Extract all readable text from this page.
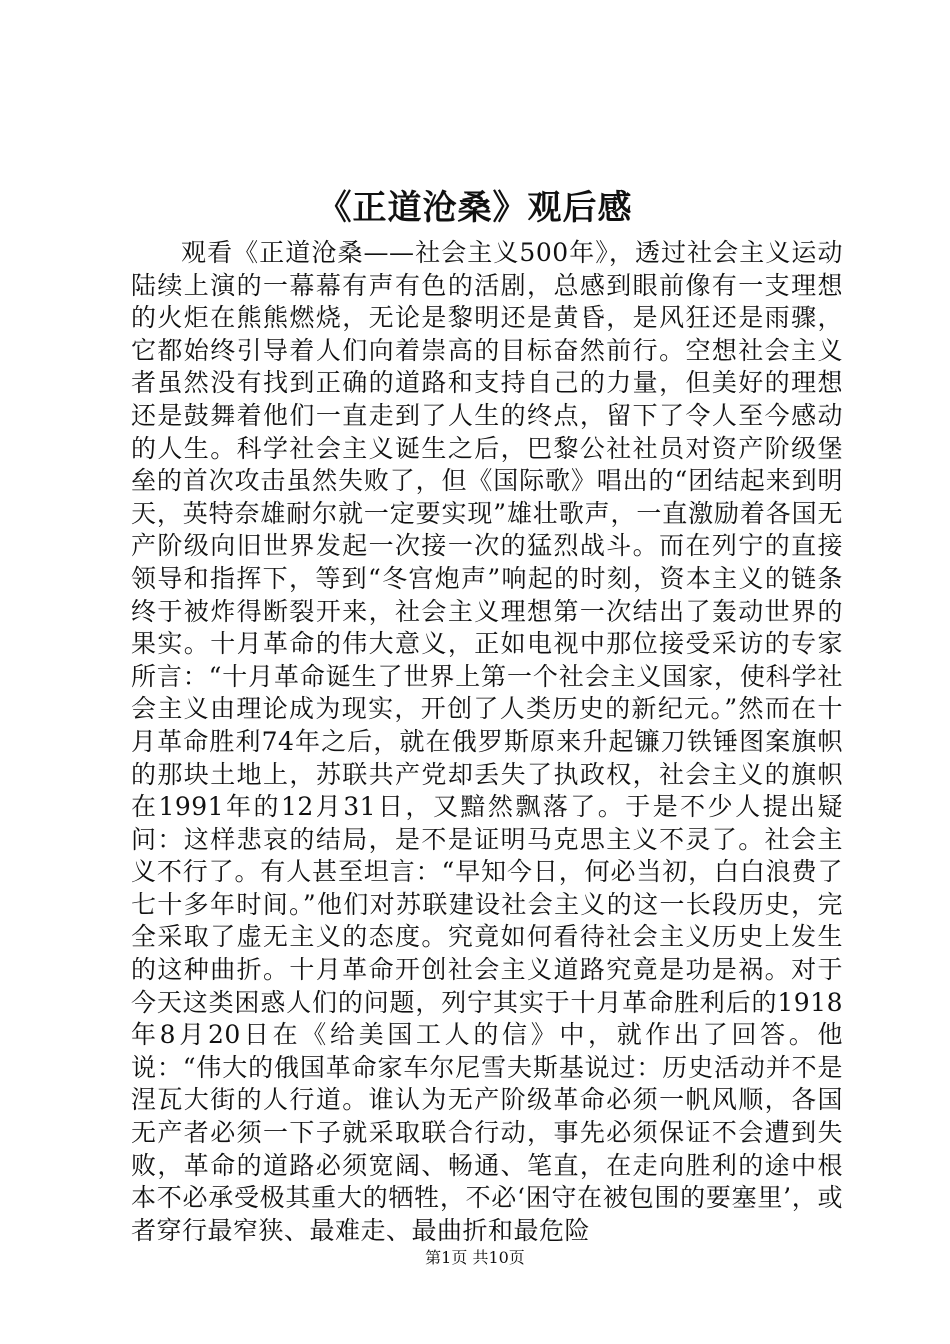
《正道沧桑》观后感

观看《正道沧桑——社会主义500年》，透过社会主义运动陆续上演的一幕幕有声有色的活剧，总感到眼前像有一支理想的火炬在熊熊燃烧，无论是黎明还是黄昏，是风狂还是雨骤，它都始终引导着人们向着崇高的目标奋然前行。空想社会主义者虽然没有找到正确的道路和支持自己的力量，但美好的理想还是鼓舞着他们一直走到了人生的终点，留下了令人至今感动的人生。科学社会主义诞生之后，巴黎公社社员对资产阶级堡垒的首次攻击虽然失败了，但《国际歌》唱出的“团结起来到明天，英特奈雄耐尔就一定要实现”雄壮歌声，一直激励着各国无产阶级向旧世界发起一次接一次的猛烈战斗。而在列宁的直接领导和指挥下，等到“冬宫炮声”响起的时刻，资本主义的链条终于被炸得断裂开来，社会主义理想第一次结出了轰动世界的果实。十月革命的伟大意义，正如电视中那位接受采访的专家所言：“十月革命诞生了世界上第一个社会主义国家，使科学社会主义由理论成为现实，开创了人类历史的新纪元。”然而在十月革命胜利74年之后，就在俄罗斯原来升起镰刀铁锤图案旗帜的那块土地上，苏联共产党却丢失了执政权，社会主义的旗帜在1991年的12月31日，又黯然飘落了。于是不少人提出疑问：这样悲哀的结局，是不是证明马克思主义不灵了。社会主义不行了。有人甚至坦言：“早知今日，何必当初，白白浪费了七十多年时间。”他们对苏联建设社会主义的这一长段历史，完全采取了虚无主义的态度。究竟如何看待社会主义历史上发生的这种曲折。十月革命开创社会主义道路究竟是功是祸。对于今天这类困惑人们的问题，列宁其实于十月革命胜利后的1918年8月20日在《给美国工人的信》中，就作出了回答。他说：“伟大的俄国革命家车尔尼雪夫斯基说过：历史活动并不是涅瓦大街的人行道。谁认为无产阶级革命必须一帆风顺，各国无产者必须一下子就采取联合行动，事先必须保证不会遭到失败，革命的道路必须宽阔、畅通、笔直，在走向胜利的途中根本不必承受极其重大的牺牲，不必‘困守在被包围的要塞里’，或者穿行最窄狭、最难走、最曲折和最危险

第1页 共10页
